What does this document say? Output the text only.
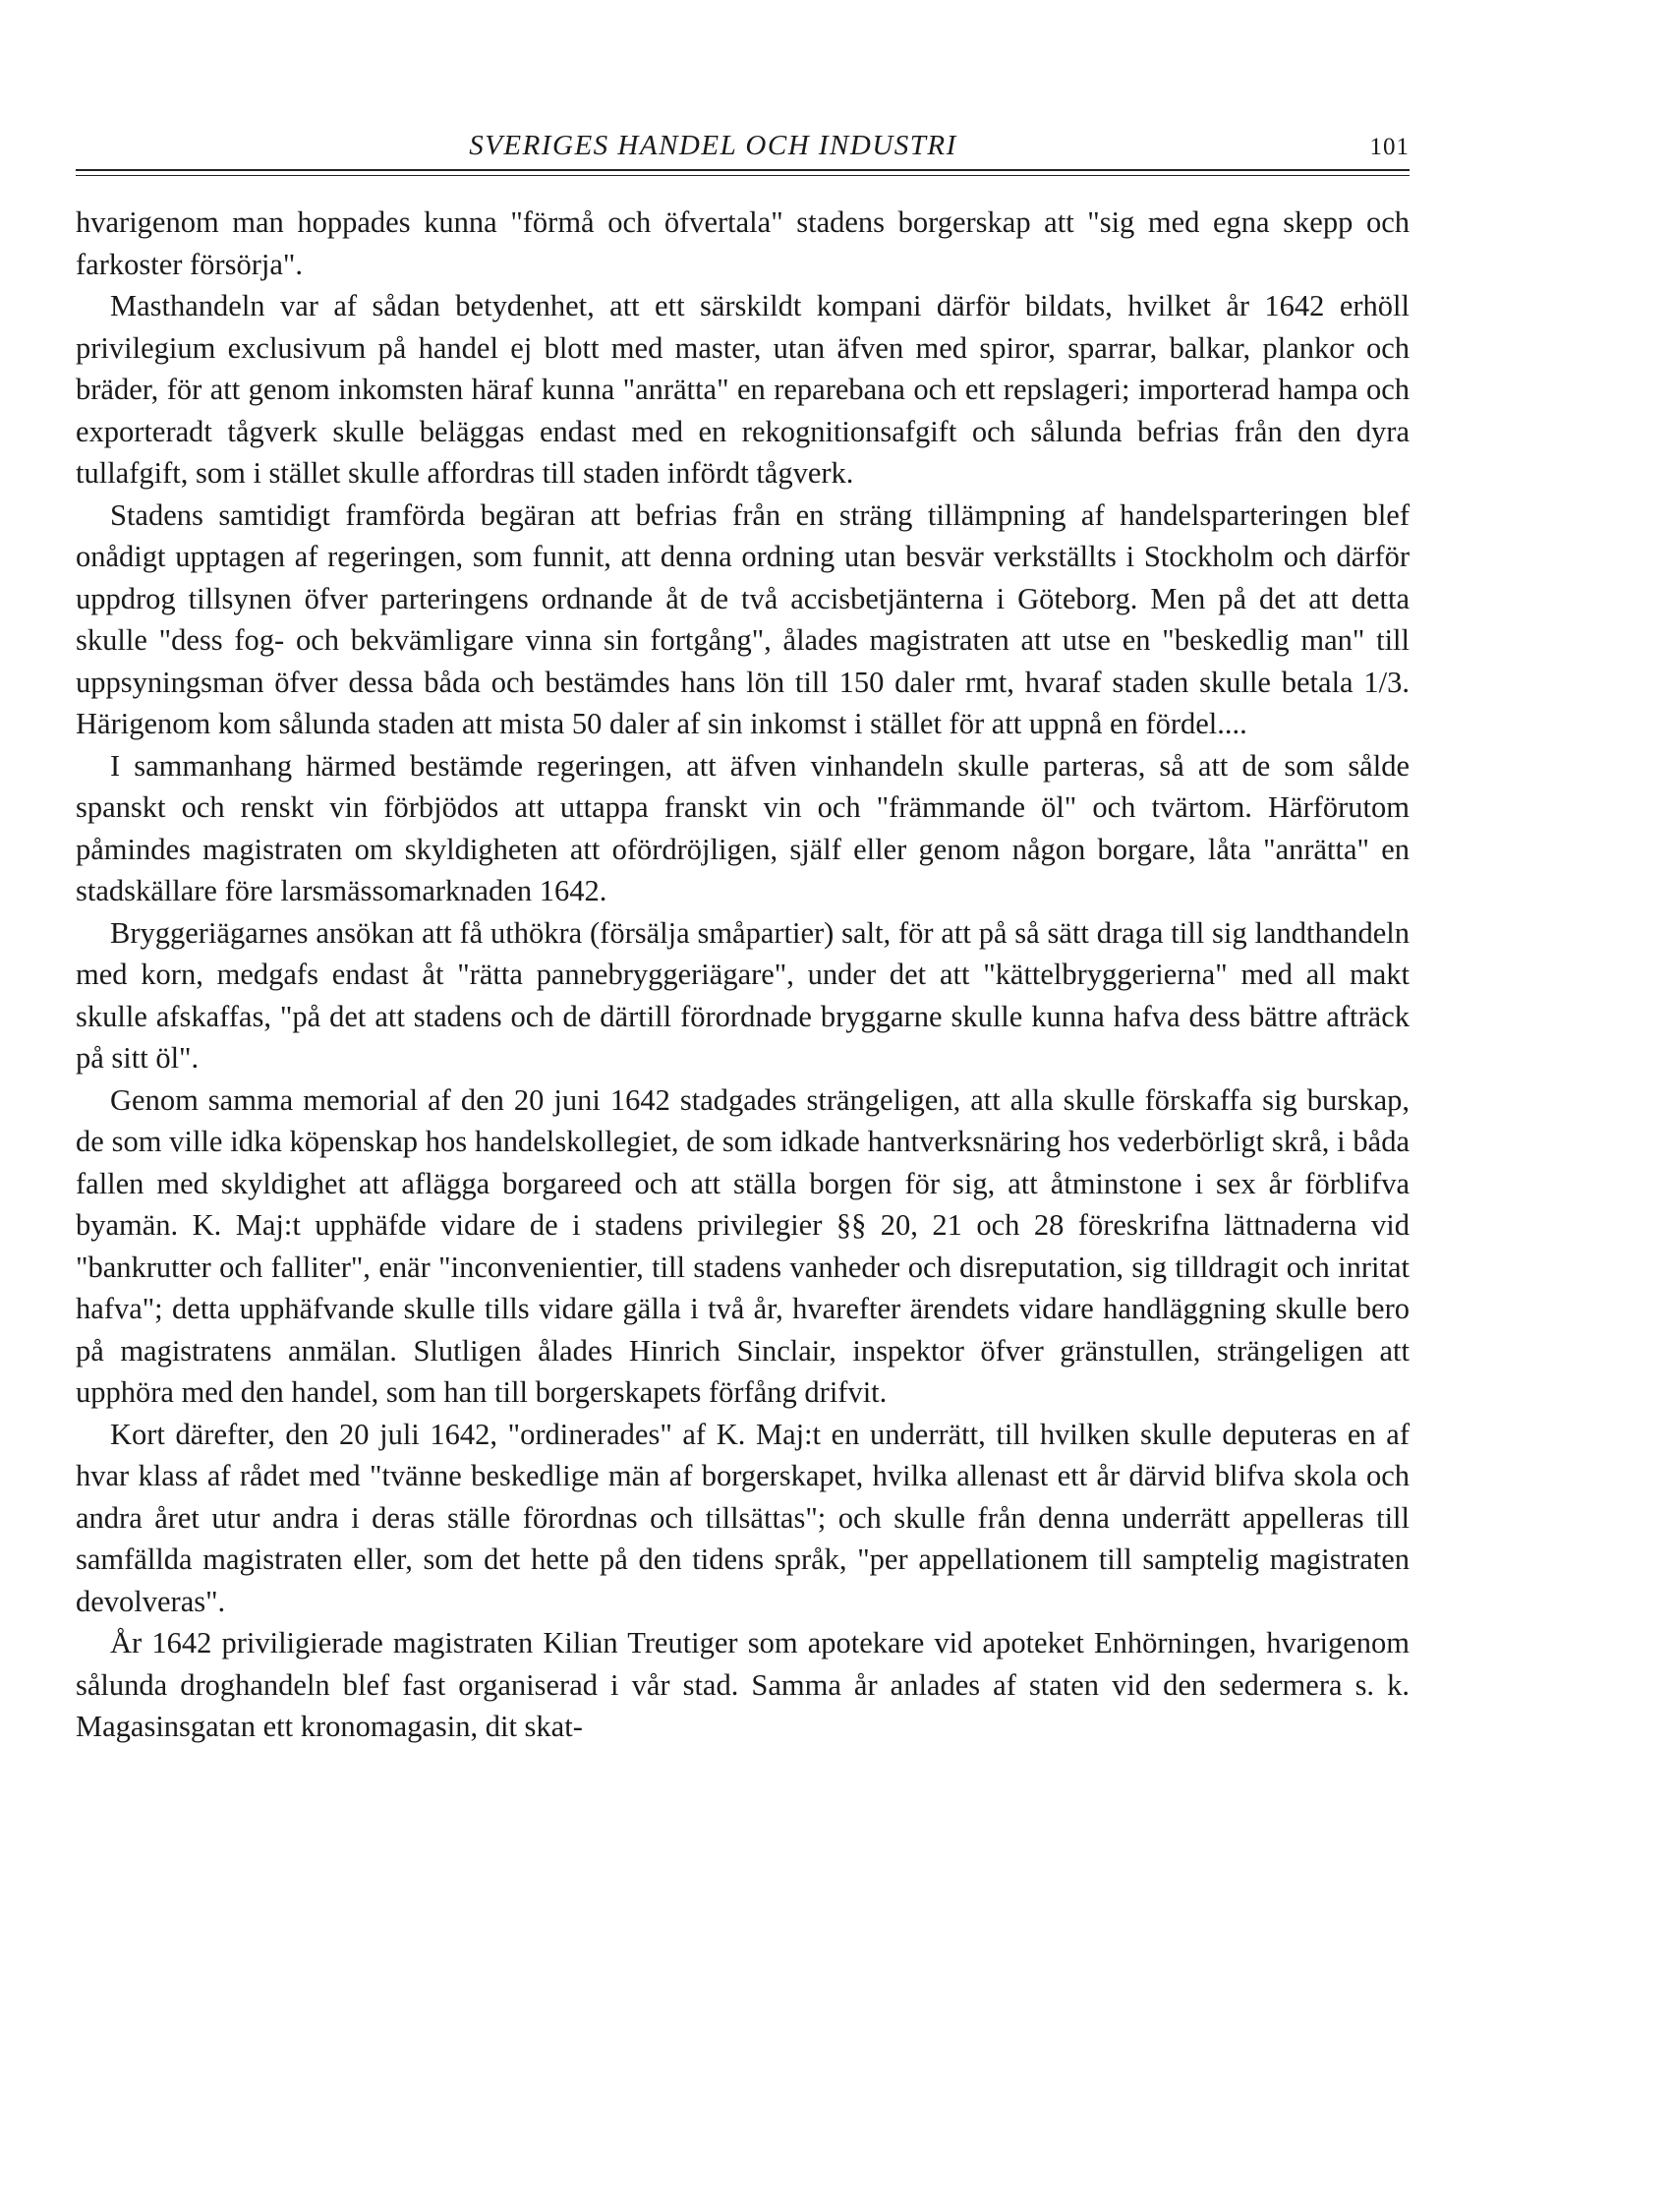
SVERIGES HANDEL OCH INDUSTRI	101

hvarigenom man hoppades kunna "förmå och öfvertala" stadens borgerskap att "sig med egna skepp och farkoster försörja".

Masthandeln var af sådan betydenhet, att ett särskildt kompani därför bildats, hvilket år 1642 erhöll privilegium exclusivum på handel ej blott med master, utan äfven med spiror, sparrar, balkar, plankor och bräder, för att genom inkomsten häraf kunna "anrätta" en reparebana och ett repslageri; importerad hampa och exporteradt tågverk skulle beläggas endast med en rekognitionsafgift och sålunda befrias från den dyra tullafgift, som i stället skulle affordras till staden infördt tågverk.

Stadens samtidigt framförda begäran att befrias från en sträng tillämpning af handelsparteringen blef onådigt upptagen af regeringen, som funnit, att denna ordning utan besvär verkställts i Stockholm och därför uppdrog tillsynen öfver parteringens ordnande åt de två accisbetjänterna i Göteborg. Men på det att detta skulle "dess fog- och bekvämligare vinna sin fortgång", ålades magistraten att utse en "beskedlig man" till uppsyningsman öfver dessa båda och bestämdes hans lön till 150 daler rmt, hvaraf staden skulle betala 1/3. Härigenom kom sålunda staden att mista 50 daler af sin inkomst i stället för att uppnå en fördel....

I sammanhang härmed bestämde regeringen, att äfven vinhandeln skulle parteras, så att de som sålde spanskt och renskt vin förbjödos att uttappa franskt vin och "främmande öl" och tvärtom. Härförutom påmindes magistraten om skyldigheten att ofördröjligen, själf eller genom någon borgare, låta "anrätta" en stadskällare före larsmässomarknaden 1642.

Bryggeriägarnes ansökan att få uthökra (försälja småpartier) salt, för att på så sätt draga till sig landthandeln med korn, medgafs endast åt "rätta pannebryggeriägare", under det att "kättelbryggerierna" med all makt skulle afskaffas, "på det att stadens och de därtill förordnade bryggarne skulle kunna hafva dess bättre afträck på sitt öl".

Genom samma memorial af den 20 juni 1642 stadgades strängeligen, att alla skulle förskaffa sig burskap, de som ville idka köpenskap hos handelskollegiet, de som idkade hantverksnäring hos vederbörligt skrå, i båda fallen med skyldighet att aflägga borgareed och att ställa borgen för sig, att åtminstone i sex år förblifva byamän. K. Maj:t upphäfde vidare de i stadens privilegier §§ 20, 21 och 28 föreskrifna lättnaderna vid "bankrutter och falliter", enär "inconvenientier, till stadens vanheder och disreputation, sig tilldragit och inritat hafva"; detta upphäfvande skulle tills vidare gälla i två år, hvarefter ärendets vidare handläggning skulle bero på magistratens anmälan. Slutligen ålades Hinrich Sinclair, inspektor öfver gränstullen, strängeligen att upphöra med den handel, som han till borgerskapets förfång drifvit.

Kort därefter, den 20 juli 1642, "ordinerades" af K. Maj:t en underrätt, till hvilken skulle deputeras en af hvar klass af rådet med "tvänne beskedlige män af borgerskapet, hvilka allenast ett år därvid blifva skola och andra året utur andra i deras ställe förordnas och tillsättas"; och skulle från denna underrätt appelleras till samfällda magistraten eller, som det hette på den tidens språk, "per appellationem till samptelig magistraten devolveras".

År 1642 priviligierade magistraten Kilian Treutiger som apotekare vid apoteket Enhörningen, hvarigenom sålunda droghandeln blef fast organiserad i vår stad. Samma år anlades af staten vid den sedermera s. k. Magasinsgatan ett kronomagasin, dit skat-
